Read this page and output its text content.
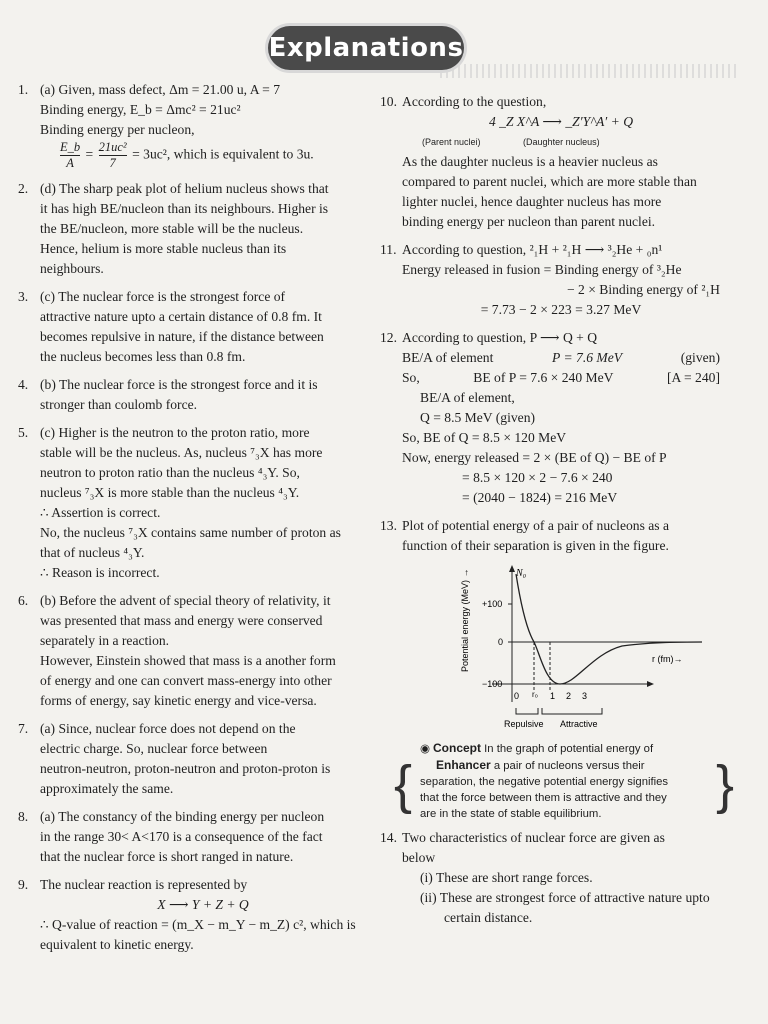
Explanations
1. (a) Given, mass defect, Δm = 21.00 u, A = 7
Binding energy, E_b = Δmc² = 21uc²
Binding energy per nucleon,
$\frac{E\_b}{A} = \frac{\text{21uc²}}{7} = 3uc^2$, which is equivalent to 3u.
2. (d) The sharp peak plot of helium nucleus shows that
it has high BE/nucleon than its neighbours. Higher is
the BE/nucleon, more stable will be the nucleus.
Hence, helium is more stable nucleus than its
neighbours.
3. (c) The nuclear force is the strongest force of
attractive nature upto a certain distance of 0.8 fm. It
becomes repulsive in nature, if the distance between
the nucleus becomes less than 0.8 fm.
4. (b) The nuclear force is the strongest force and it is
stronger than coulomb force.
5. (c) Higher is the neutron to the proton ratio, more
stable will be the nucleus. As, nucleus ⁷₃X has more
neutron to proton ratio than the nucleus ⁴₃Y. So,
nucleus ⁷₃X is more stable than the nucleus ⁴₃Y.
∴ Assertion is correct.
No, the nucleus ⁷₃X contains same number of proton as
that of nucleus ⁴₃Y.
∴ Reason is incorrect.
6. (b) Before the advent of special theory of relativity, it
was presented that mass and energy were conserved
separately in a reaction.
However, Einstein showed that mass is a another form
of energy and one can convert mass-energy into other
forms of energy, say kinetic energy and vice-versa.
7. (a) Since, nuclear force does not depend on the
electric charge. So, nuclear force between
neutron-neutron, proton-neutron and proton-proton is
approximately the same.
8. (a) The constancy of the binding energy per nucleon
in the range 30< A<170 is a consequence of the fact
that the nuclear force is short ranged in nature.
9. The nuclear reaction is represented by
X ⟶ Y + Z + Q
∴ Q-value of reaction = (m_X − m_Y − m_Z) c², which is
equivalent to kinetic energy.
10. According to the question,
4 _Z X^A ⟶ _Z′Y^A′ + Q
(Parent nuclei)	(Daughter nucleus)
As the daughter nucleus is a heavier nucleus as
compared to parent nuclei, which are more stable than
lighter nuclei, hence daughter nucleus has more
binding energy per nucleon than parent nuclei.
11. According to question, ²₁H + ²₁H ⟶ ³₂He + ₀n¹
Energy released in fusion = Binding energy of ³₂He
− 2 × Binding energy of ²₁H
= 7.73 − 2 × 223 = 3.27 MeV
12. According to question, P ⟶ Q + Q
BE/A of element	P = 7.6 MeV	(given)
So,	BE of P = 7.6 × 240 MeV	[A = 240]
BE/A of element,
Q = 8.5 MeV (given)
So, BE of Q = 8.5 × 120 MeV
Now, energy released = 2 × (BE of Q) − BE of P
= 8.5 × 120 × 2 − 7.6 × 240
= (2040 − 1824) = 216 MeV
13. Plot of potential energy of a pair of nucleons as a
function of their separation is given in the figure.
Potential energy (MeV) →	N₀
+100
0
−100
r (fm)→
0 r₀ 1 2 3
Repulsive Attractive
{	}
◉ Concept In the graph of potential energy of
Enhancer a pair of nucleons versus their
separation, the negative potential energy signifies
that the force between them is attractive and they
are in the state of stable equilibrium.
14. Two characteristics of nuclear force are given as
below
(i) These are short range forces.
(ii) These are strongest force of attractive nature upto
certain distance.
